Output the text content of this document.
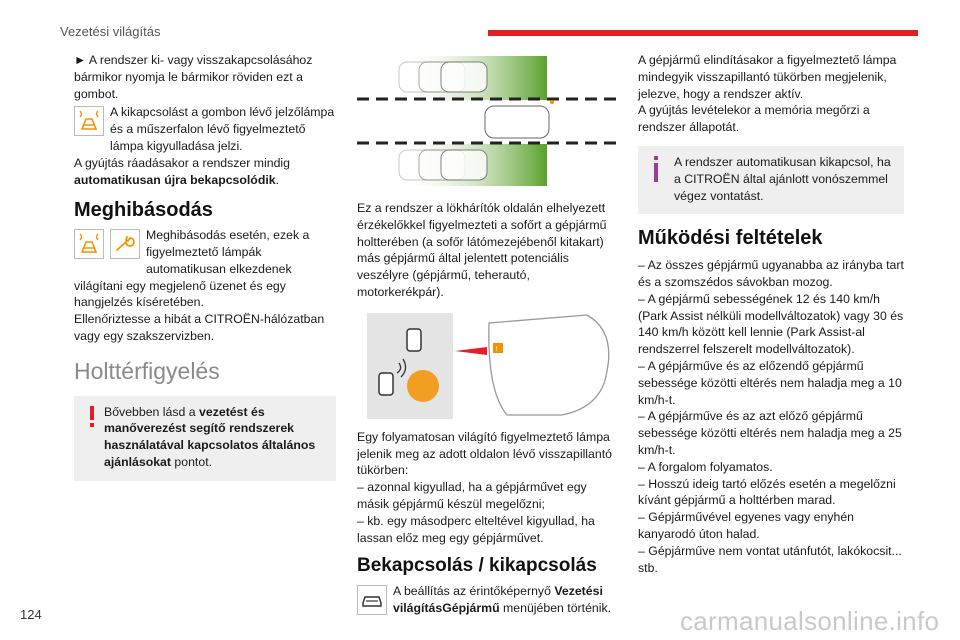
Vezetési világítás

► A rendszer ki- vagy visszakapcsolásához bármikor nyomja le bármikor röviden ezt a gombot.

A kikapcsolást a gombon lévő jelzőlámpa és a műszerfalon lévő figyelmeztető lámpa kigyulladása jelzi.

A gyújtás ráadásakor a rendszer mindig automatikusan újra bekapcsolódik.

Meghibásodás

Meghibásodás esetén, ezek a figyelmeztető lámpák automatikusan elkezdenek világítani egy megjelenő üzenet és egy hangjelzés kíséretében.

Ellenőriztesse a hibát a CITROËN-hálózatban vagy egy szakszervizben.

Holttérfigyelés

Bővebben lásd a vezetést és manőverezést segítő rendszerek használatával kapcsolatos általános ajánlásokat pontot.

Ez a rendszer a lökhárítók oldalán elhelyezett érzékelőkkel figyelmezteti a sofőrt a gépjármű holtterében (a sofőr látómezejébenől kitakart) más gépjármű által jelentett potenciális veszélyre (gépjármű, teherautó, motorkerékpár).

!

Egy folyamatosan világító figyelmeztető lámpa jelenik meg az adott oldalon lévő visszapillantó tükörben:

– azonnal kigyullad, ha a gépjárművet egy másik gépjármű készül megelőzni;

– kb. egy másodperc elteltével kigyullad, ha lassan előz meg egy gépjárművet.

Bekapcsolás / kikapcsolás

A beállítás az érintőképernyő Vezetési világításGépjármű menüjében történik.

A gépjármű elindításakor a figyelmeztető lámpa mindegyik visszapillantó tükörben megjelenik, jelezve, hogy a rendszer aktív.

A gyújtás levételekor a memória megőrzi a rendszer állapotát.

A rendszer automatikusan kikapcsol, ha a CITROËN által ajánlott vonószemmel végez vontatást.

Működési feltételek

– Az összes gépjármű ugyanabba az irányba tart és a szomszédos sávokban mozog.

– A gépjármű sebességének 12 és 140 km/h (Park Assist nélküli modellváltozatok) vagy 30 és 140 km/h között kell lennie (Park Assist-al rendszerrel felszerelt modellváltozatok).

– A gépjárműve és az előzendő gépjármű sebessége közötti eltérés nem haladja meg a 10 km/h-t.

– A gépjárműve és az azt előző gépjármű sebessége közötti eltérés nem haladja meg a 25 km/h-t.

– A forgalom folyamatos.

– Hosszú ideig tartó előzés esetén a megelőzni kívánt gépjármű a holttérben marad.

– Gépjárművével egyenes vagy enyhén kanyarodó úton halad.

– Gépjárműve nem vontat utánfutót, lakókocsit... stb.

124	carmanualsonline.info
